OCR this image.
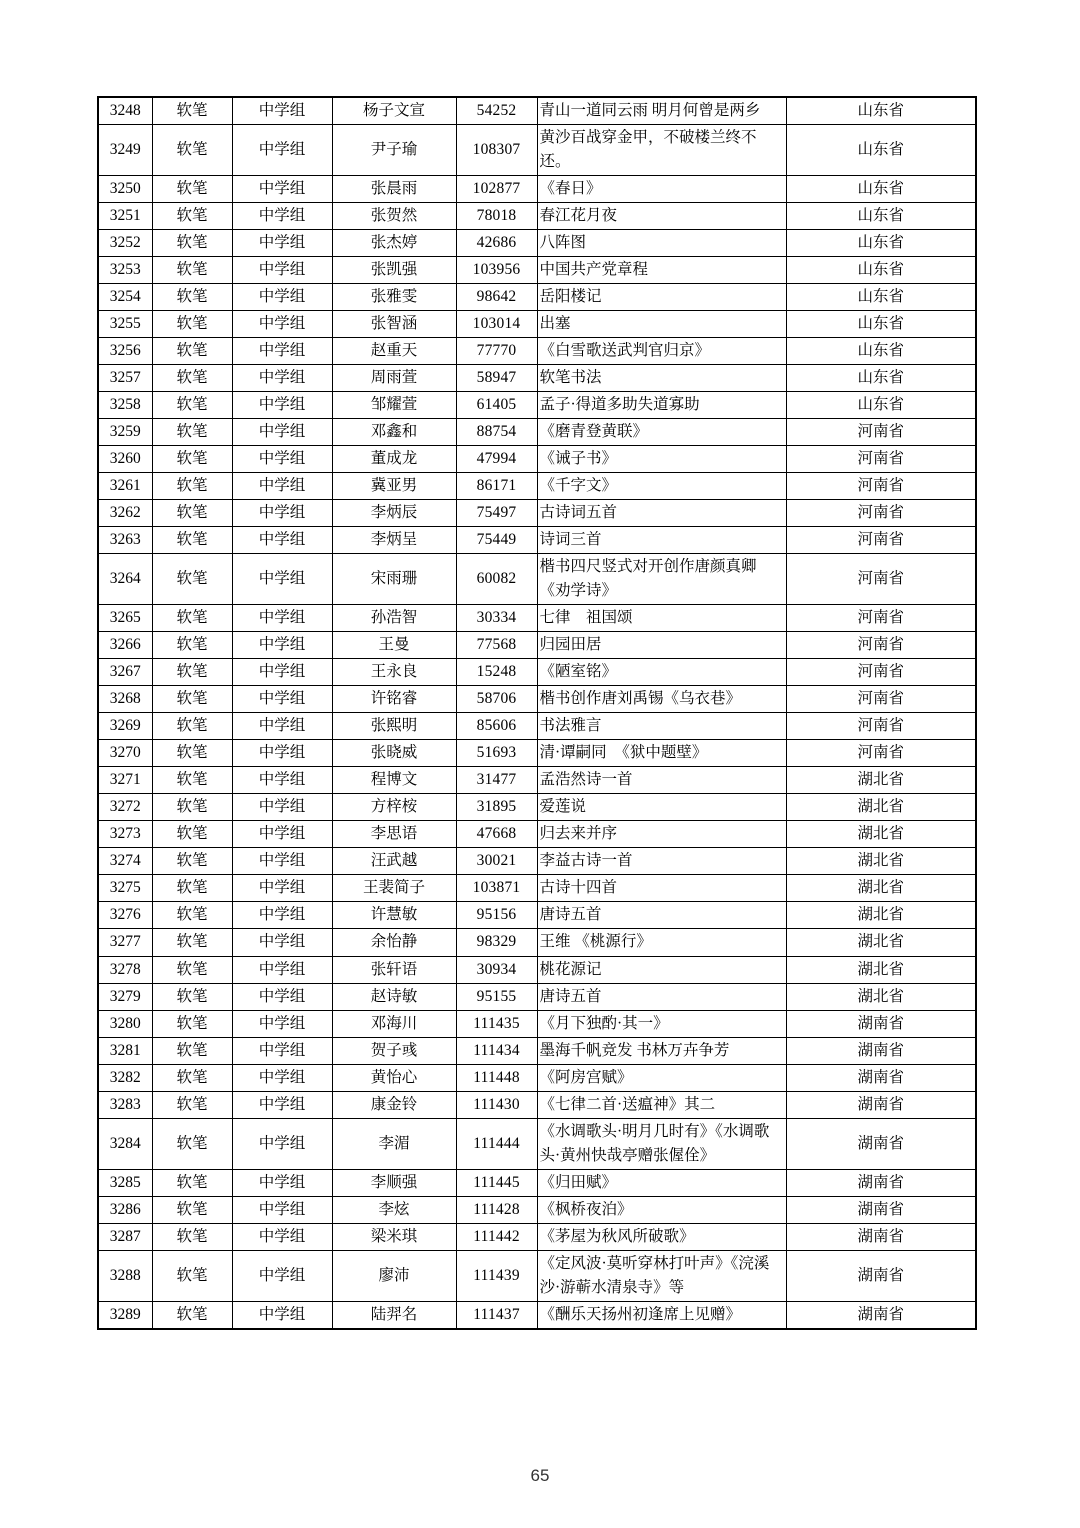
3248	软笔	中学组	杨子文宣	54252	青山一道同云雨 明月何曾是两乡	山东省
3249	软笔	中学组	尹子瑜	108307	黄沙百战穿金甲，不破楼兰终不还。	山东省
3250	软笔	中学组	张晨雨	102877	《春日》	山东省
3251	软笔	中学组	张贺然	78018	春江花月夜	山东省
3252	软笔	中学组	张杰婷	42686	八阵图	山东省
3253	软笔	中学组	张凯强	103956	中国共产党章程	山东省
3254	软笔	中学组	张雅雯	98642	岳阳楼记	山东省
3255	软笔	中学组	张智涵	103014	出塞	山东省
3256	软笔	中学组	赵重天	77770	《白雪歌送武判官归京》	山东省
3257	软笔	中学组	周雨萱	58947	软笔书法	山东省
3258	软笔	中学组	邹耀萱	61405	孟子·得道多助失道寡助	山东省
3259	软笔	中学组	邓鑫和	88754	《磨青登黄联》	河南省
3260	软笔	中学组	董成龙	47994	《诫子书》	河南省
3261	软笔	中学组	冀亚男	86171	《千字文》	河南省
3262	软笔	中学组	李炳辰	75497	古诗词五首	河南省
3263	软笔	中学组	李炳呈	75449	诗词三首	河南省
3264	软笔	中学组	宋雨珊	60082	楷书四尺竖式对开创作唐颜真卿《劝学诗》	河南省
3265	软笔	中学组	孙浩智	30334	七律　祖国颂	河南省
3266	软笔	中学组	王曼	77568	归园田居	河南省
3267	软笔	中学组	王永良	15248	《陋室铭》	河南省
3268	软笔	中学组	许铭睿	58706	楷书创作唐刘禹锡《乌衣巷》	河南省
3269	软笔	中学组	张熙明	85606	书法雅言	河南省
3270	软笔	中学组	张晓威	51693	清·谭嗣同　《狱中题壁》	河南省
3271	软笔	中学组	程博文	31477	孟浩然诗一首	湖北省
3272	软笔	中学组	方梓桉	31895	爱莲说	湖北省
3273	软笔	中学组	李思语	47668	归去来并序	湖北省
3274	软笔	中学组	汪武越	30021	李益古诗一首	湖北省
3275	软笔	中学组	王裴简子	103871	古诗十四首	湖北省
3276	软笔	中学组	许慧敏	95156	唐诗五首	湖北省
3277	软笔	中学组	余怡静	98329	王维 《桃源行》	湖北省
3278	软笔	中学组	张轩语	30934	桃花源记	湖北省
3279	软笔	中学组	赵诗敏	95155	唐诗五首	湖北省
3280	软笔	中学组	邓海川	111435	《月下独酌·其一》	湖南省
3281	软笔	中学组	贺子彧	111434	墨海千帆竞发 书林万卉争芳	湖南省
3282	软笔	中学组	黄怡心	111448	《阿房宫赋》	湖南省
3283	软笔	中学组	康金铃	111430	《七律二首·送瘟神》其二	湖南省
3284	软笔	中学组	李湄	111444	《水调歌头·明月几时有》《水调歌头·黄州快哉亭赠张偓佺》	湖南省
3285	软笔	中学组	李顺强	111445	《归田赋》	湖南省
3286	软笔	中学组	李炫	111428	《枫桥夜泊》	湖南省
3287	软笔	中学组	梁米琪	111442	《茅屋为秋风所破歌》	湖南省
3288	软笔	中学组	廖沛	111439	《定风波·莫听穿林打叶声》《浣溪沙·游蕲水清泉寺》等	湖南省
3289	软笔	中学组	陆羿名	111437	《酬乐天扬州初逢席上见赠》	湖南省
65
